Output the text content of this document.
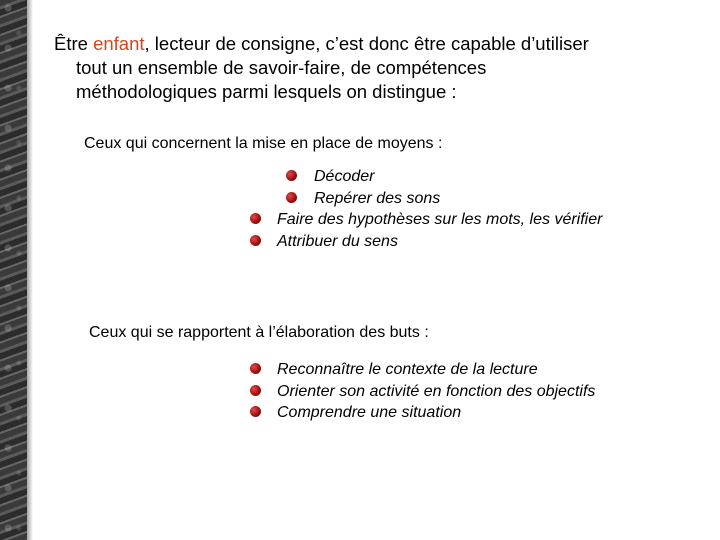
Être enfant, lecteur de consigne, c’est donc être capable d’utiliser
tout un ensemble de savoir-faire, de compétences
méthodologiques parmi lesquels on distingue :
Ceux qui concernent la mise en place de moyens :
Décoder
Repérer des sons
Faire des hypothèses sur les mots, les vérifier
Attribuer du sens
Ceux qui se rapportent à l’élaboration des buts :
Reconnaître le contexte de la lecture
Orienter son activité en fonction des objectifs
Comprendre une situation
